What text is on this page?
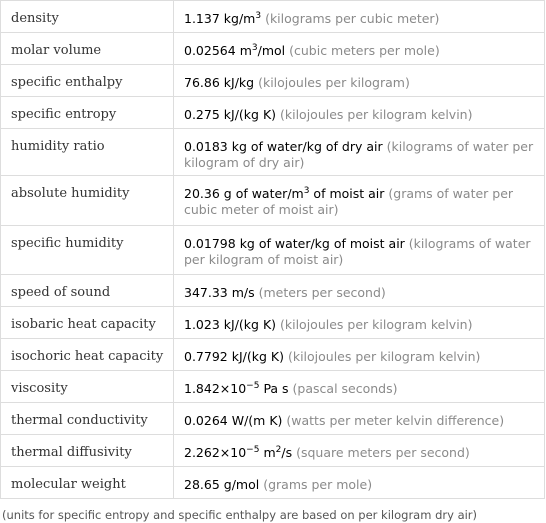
density	1.137 $kg/m^3$ (kilograms per cubic meter)
molar volume	0.02564 $m^3$/mol (cubic meters per mole)
specific enthalpy	76.86 kJ/kg (kilojoules per kilogram)
specific entropy	0.275 kJ/(kg K) (kilojoules per kilogram kelvin)
humidity ratio	0.0183 kg of water/kg of dry air (kilograms of water per kilogram of dry air)
absolute humidity	20.36 g of water/$m^3$ of moist air (grams of water per cubic meter of moist air)
specific humidity	0.01798 kg of water/kg of moist air (kilograms of water per kilogram of moist air)
speed of sound	347.33 m/s (meters per second)
isobaric heat capacity	1.023 kJ/(kg K) (kilojoules per kilogram kelvin)
isochoric heat capacity	0.7792 kJ/(kg K) (kilojoules per kilogram kelvin)
viscosity	$1.842\times 10^{-5}$ Pa s (pascal seconds)
thermal conductivity	0.0264 W/(m K) (watts per meter kelvin difference)
thermal diffusivity	$2.262\times 10^{-5}$ $m^2/s$ (square meters per second)
molecular weight	28.65 g/mol (grams per mole)
(units for specific entropy and specific enthalpy are based on per kilogram dry air)
